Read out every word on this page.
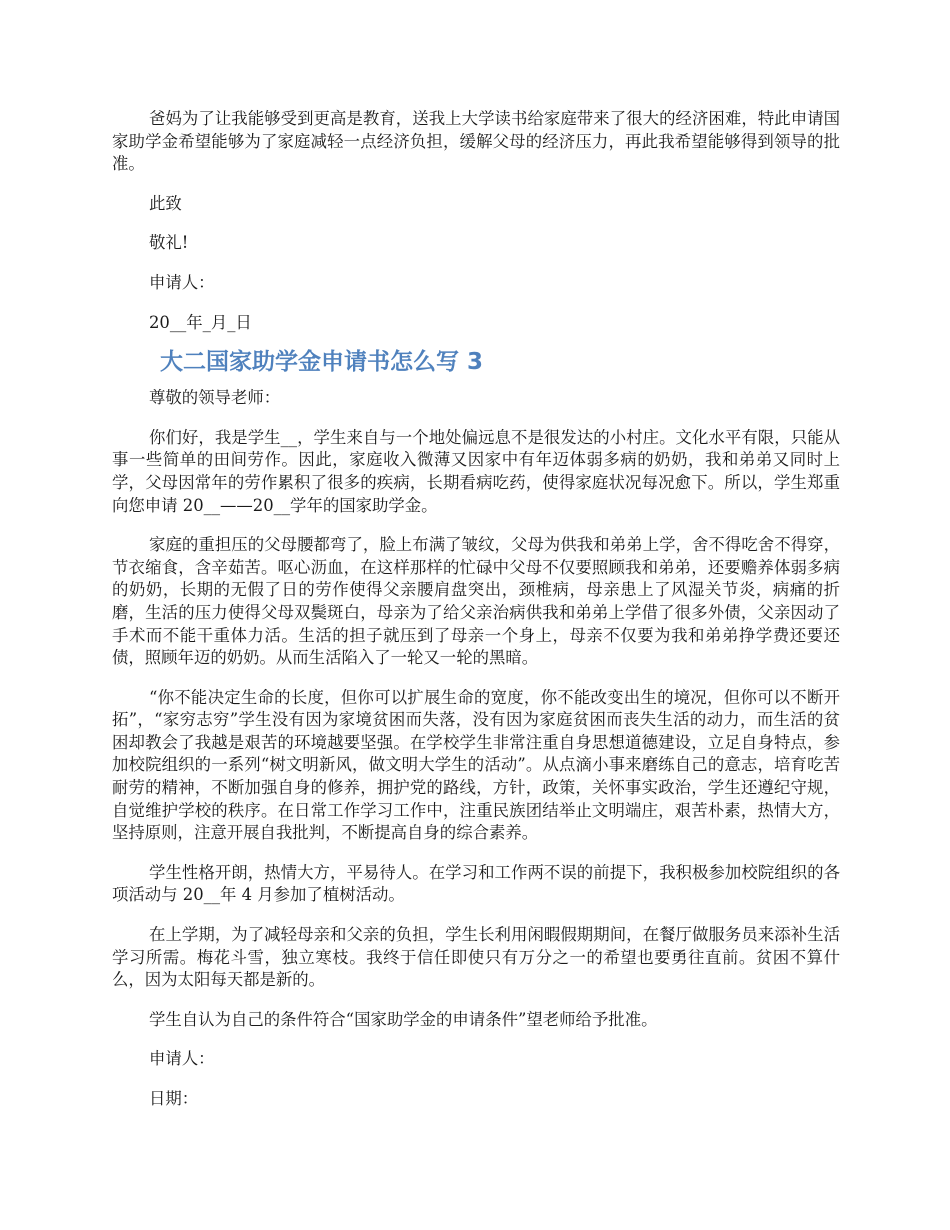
爸妈为了让我能够受到更高是教育，送我上大学读书给家庭带来了很大的经济困难，特此申请国家助学金希望能够为了家庭减轻一点经济负担，缓解父母的经济压力，再此我希望能够得到领导的批准。

此致

敬礼!

申请人：

20__年_月_日

大二国家助学金申请书怎么写 3

尊敬的领导老师：

你们好，我是学生__，学生来自与一个地处偏远息不是很发达的小村庄。文化水平有限，只能从事一些简单的田间劳作。因此，家庭收入微薄又因家中有年迈体弱多病的奶奶，我和弟弟又同时上学，父母因常年的劳作累积了很多的疾病，长期看病吃药，使得家庭状况每况愈下。所以，学生郑重向您申请 20__——20__学年的国家助学金。

家庭的重担压的父母腰都弯了，脸上布满了皱纹，父母为供我和弟弟上学，舍不得吃舍不得穿，节衣缩食，含辛茹苦。呕心沥血，在这样那样的忙碌中父母不仅要照顾我和弟弟，还要赡养体弱多病的奶奶，长期的无假了日的劳作使得父亲腰肩盘突出，颈椎病，母亲患上了风湿关节炎，病痛的折磨，生活的压力使得父母双鬓斑白，母亲为了给父亲治病供我和弟弟上学借了很多外债，父亲因动了手术而不能干重体力活。生活的担子就压到了母亲一个身上，母亲不仅要为我和弟弟挣学费还要还债，照顾年迈的奶奶。从而生活陷入了一轮又一轮的黑暗。

“你不能决定生命的长度，但你可以扩展生命的宽度，你不能改变出生的境况，但你可以不断开拓”，“家穷志穷”学生没有因为家境贫困而失落，没有因为家庭贫困而丧失生活的动力，而生活的贫困却教会了我越是艰苦的环境越要坚强。在学校学生非常注重自身思想道德建设，立足自身特点，参加校院组织的一系列“树文明新风，做文明大学生的活动”。从点滴小事来磨练自己的意志，培育吃苦耐劳的精神，不断加强自身的修养，拥护党的路线，方针，政策，关怀事实政治，学生还遵纪守规，自觉维护学校的秩序。在日常工作学习工作中，注重民族团结举止文明端庄，艰苦朴素，热情大方，坚持原则，注意开展自我批判，不断提高自身的综合素养。

学生性格开朗，热情大方，平易待人。在学习和工作两不误的前提下，我积极参加校院组织的各项活动与 20__年 4 月参加了植树活动。

在上学期，为了减轻母亲和父亲的负担，学生长利用闲暇假期期间，在餐厅做服务员来添补生活学习所需。梅花斗雪，独立寒枝。我终于信任即使只有万分之一的希望也要勇往直前。贫困不算什么，因为太阳每天都是新的。

学生自认为自己的条件符合“国家助学金的申请条件”望老师给予批准。

申请人：

日期：
